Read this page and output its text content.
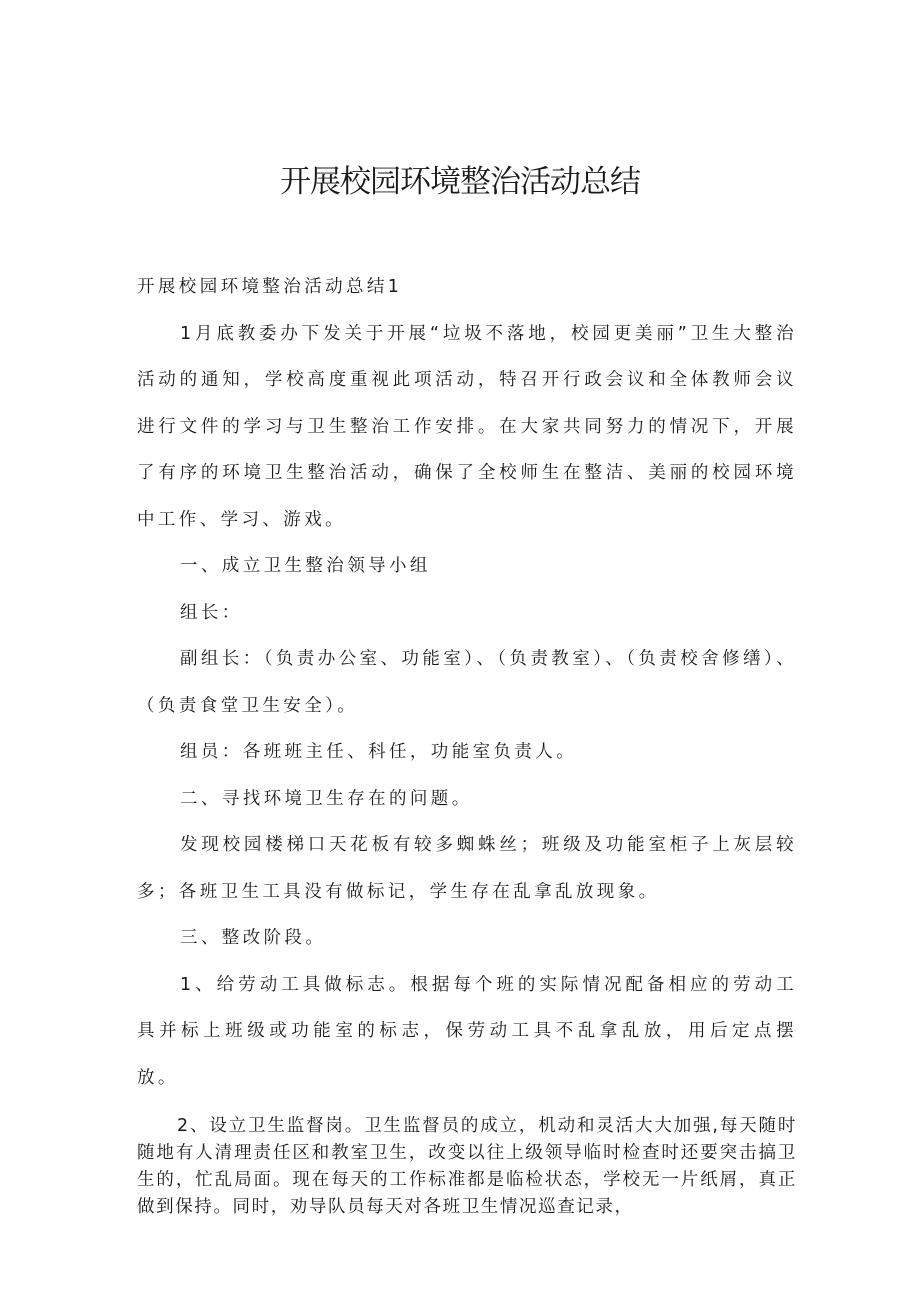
开展校园环境整治活动总结

开展校园环境整治活动总结1

1月底教委办下发关于开展“垃圾不落地，校园更美丽”卫生大整治活动的通知，学校高度重视此项活动，特召开行政会议和全体教师会议进行文件的学习与卫生整治工作安排。在大家共同努力的情况下，开展了有序的环境卫生整治活动，确保了全校师生在整洁、美丽的校园环境中工作、学习、游戏。

一、成立卫生整治领导小组

组长：

副组长：（负责办公室、功能室）、（负责教室）、（负责校舍修缮）、（负责食堂卫生安全）。

组员：各班班主任、科任，功能室负责人。

二、寻找环境卫生存在的问题。

发现校园楼梯口天花板有较多蜘蛛丝；班级及功能室柜子上灰层较多；各班卫生工具没有做标记，学生存在乱拿乱放现象。

三、整改阶段。

1、给劳动工具做标志。根据每个班的实际情况配备相应的劳动工具并标上班级或功能室的标志，保劳动工具不乱拿乱放，用后定点摆放。

2、设立卫生监督岗。卫生监督员的成立，机动和灵活大大加强,每天随时随地有人清理责任区和教室卫生，改变以往上级领导临时检查时还要突击搞卫生的，忙乱局面。现在每天的工作标准都是临检状态，学校无一片纸屑，真正做到保持。同时，劝导队员每天对各班卫生情况巡查记录，
